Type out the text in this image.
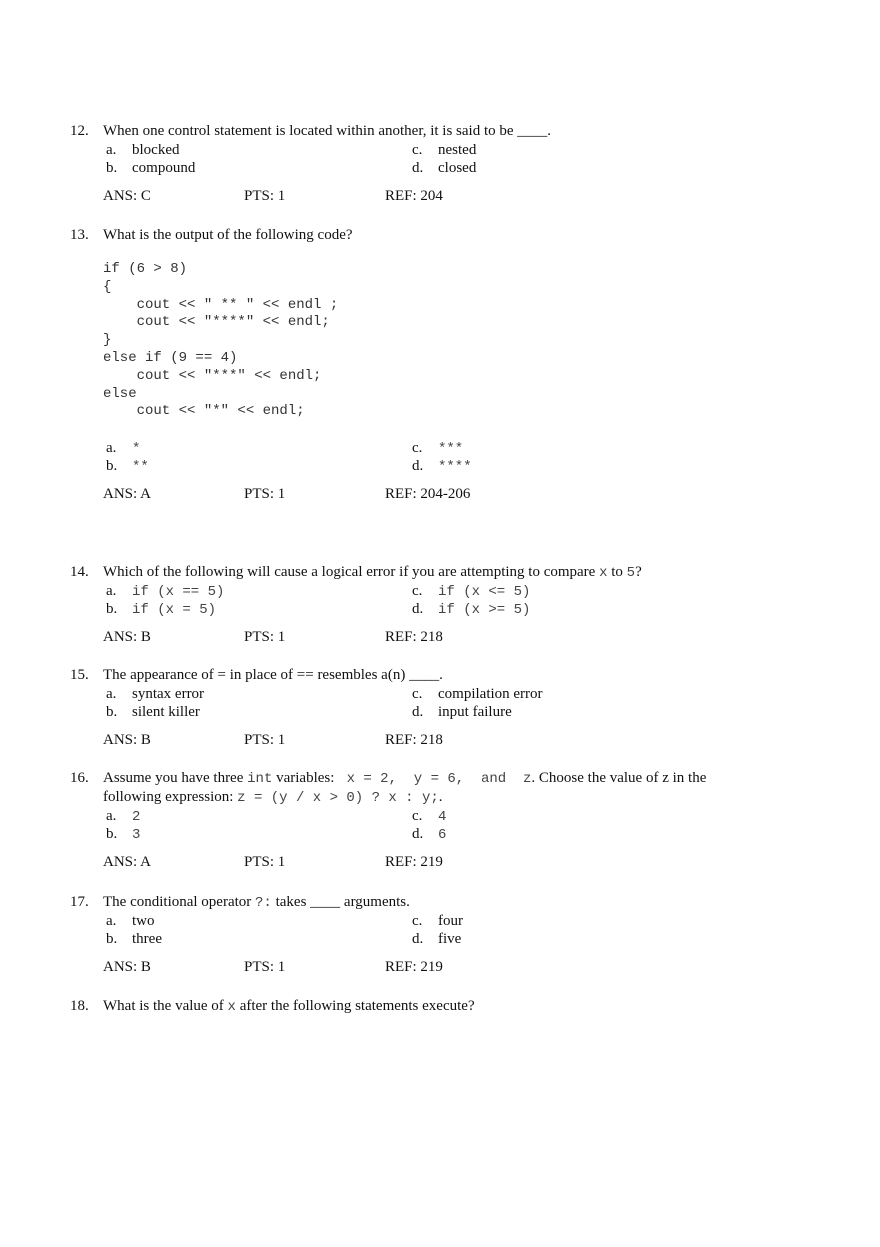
12. When one control statement is located within another, it is said to be ____.
a. blocked	c. nested
b. compound	d. closed
ANS: C	PTS: 1	REF: 204
13. What is the output of the following code?
if (6 > 8)
{
cout << " ** " << endl ;
cout << "****" << endl;
}
else if (9 == 4)
cout << "***" << endl;
else
cout << "*" << endl;
a. *	c. ***
b. **	d. ****
ANS: A	PTS: 1	REF: 204-206
14. Which of the following will cause a logical error if you are attempting to compare x to 5?
a. if (x == 5)	c. if (x <= 5)
b. if (x = 5)	d. if (x >= 5)
ANS: B	PTS: 1	REF: 218
15. The appearance of = in place of == resembles a(n) ____.
a. syntax error	c. compilation error
b. silent killer	d. input failure
ANS: B	PTS: 1	REF: 218
16. Assume you have three int variables:  x = 2,  y = 6,  and  z. Choose the value of z in the
following expression: z = (y / x > 0) ? x : y;.
a. 2	c. 4
b. 3	d. 6
ANS: A	PTS: 1	REF: 219
17. The conditional operator ?: takes ____ arguments.
a. two	c. four
b. three	d. five
ANS: B	PTS: 1	REF: 219
18. What is the value of x after the following statements execute?
